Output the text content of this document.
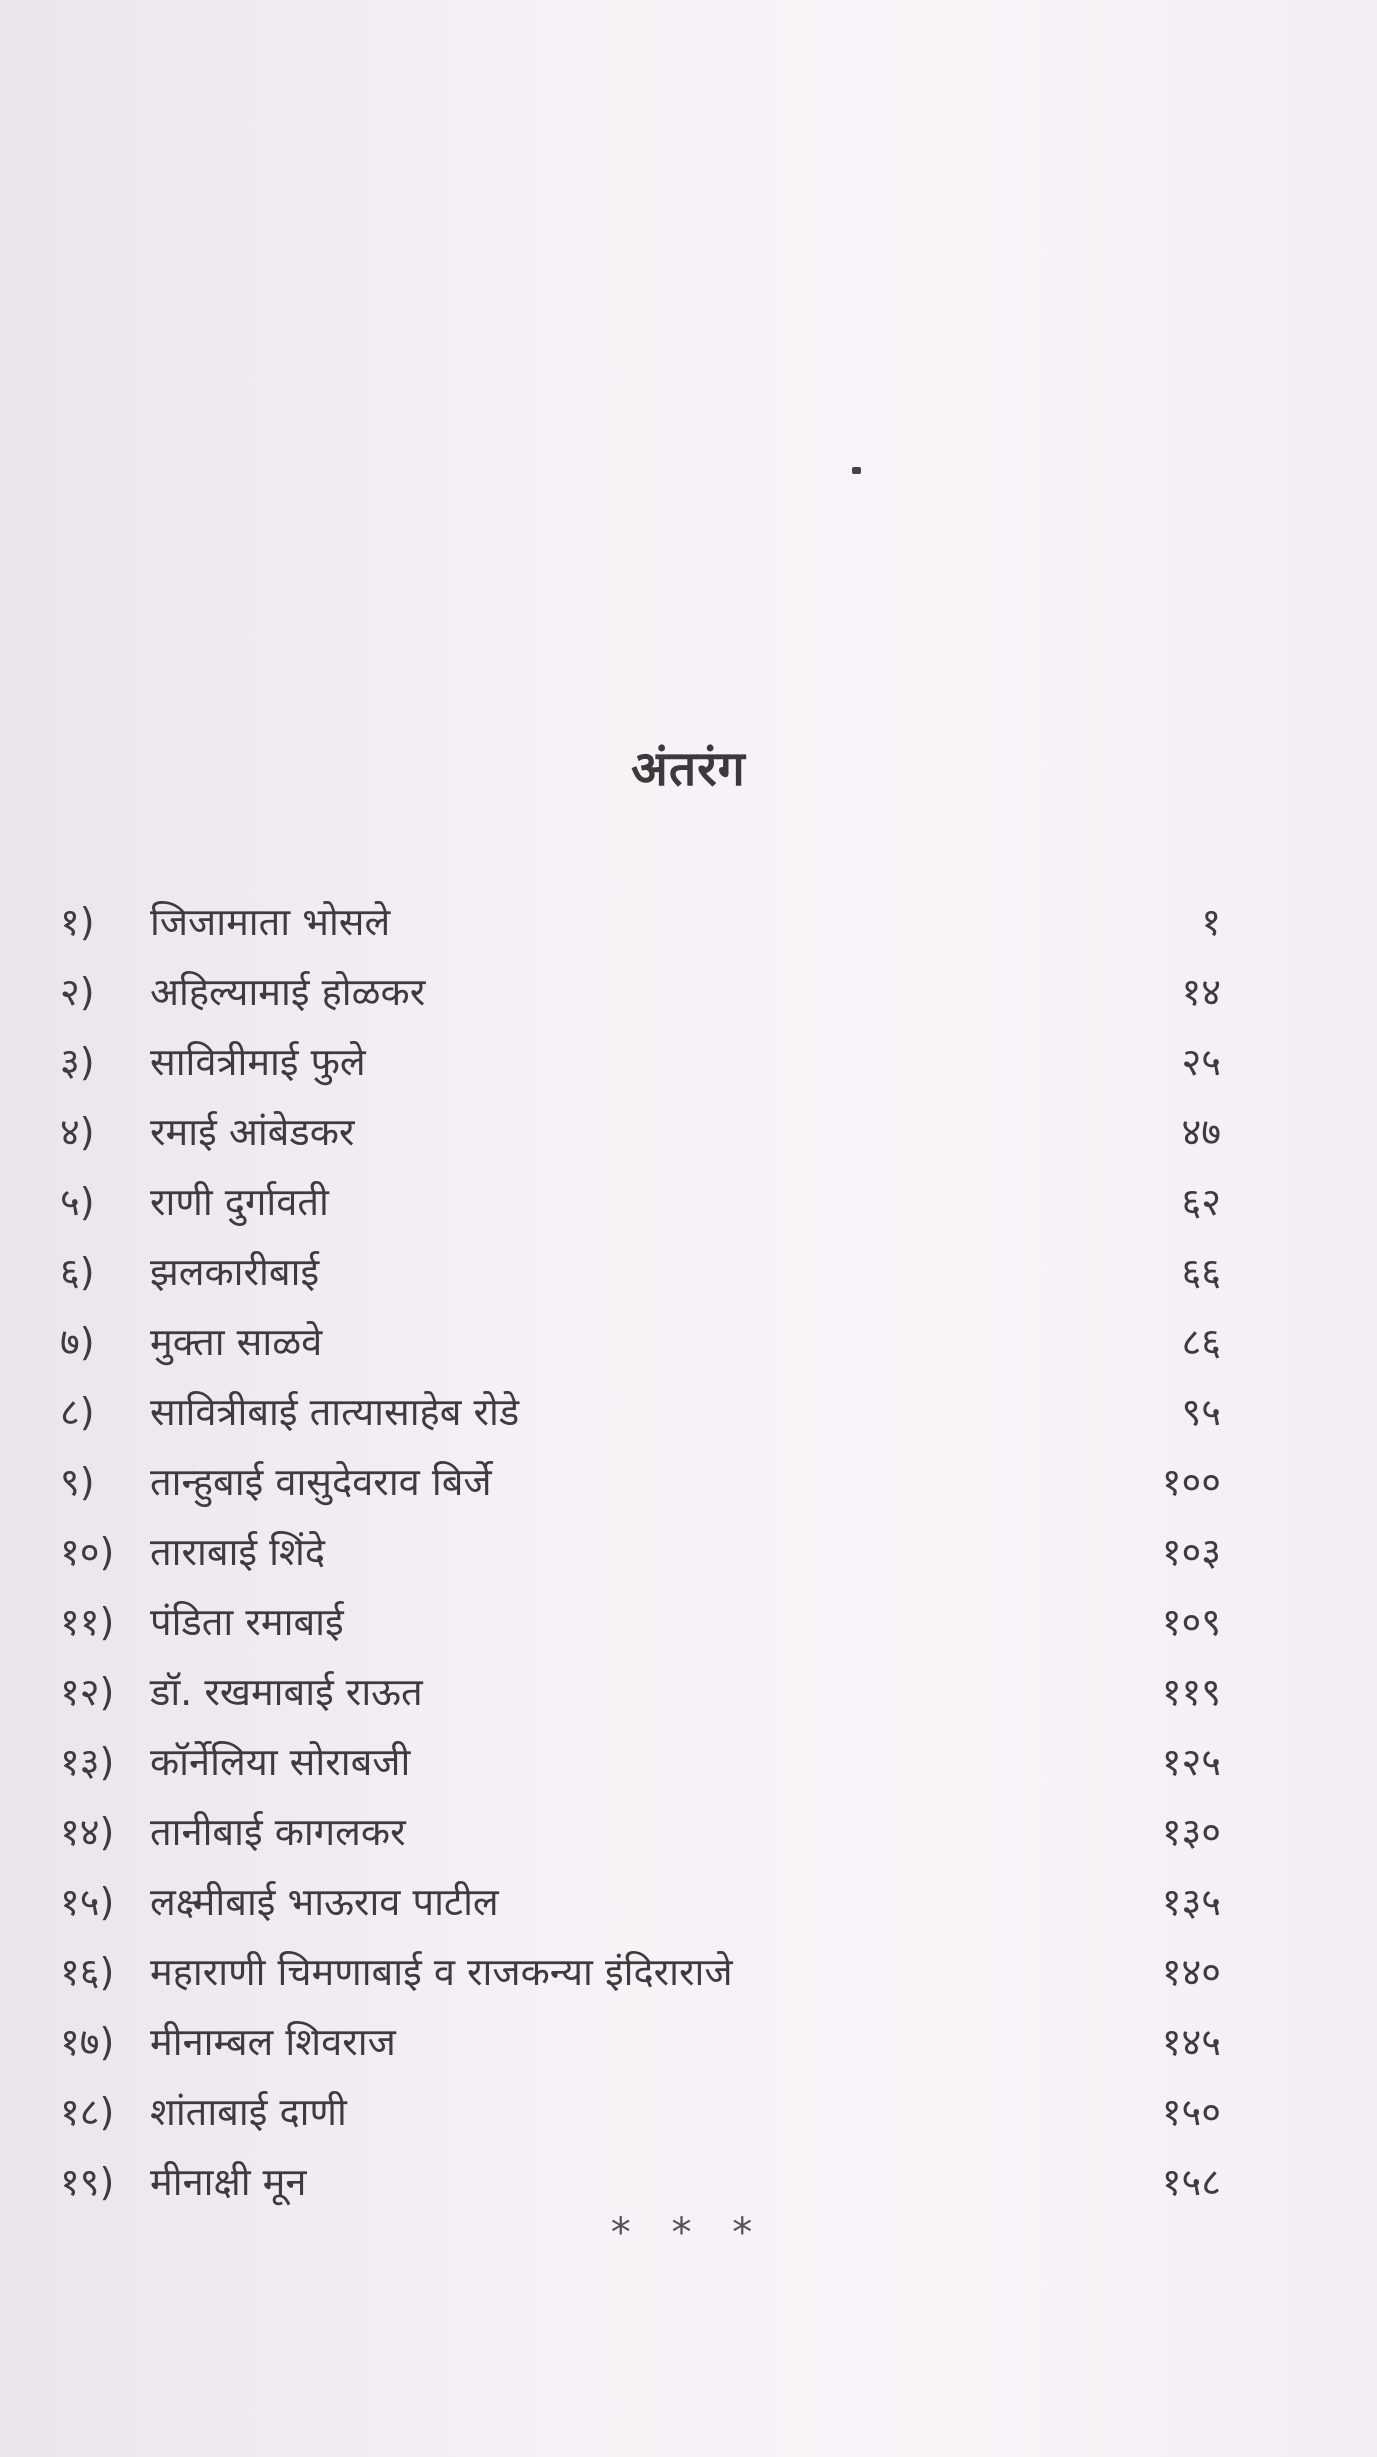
अंतरंग
१) जिजामाता भोसले	१
२) अहिल्यामाई होळकर	१४
३) सावित्रीमाई फुले	२५
४) रमाई आंबेडकर	४७
५) राणी दुर्गावती	६२
६) झलकारीबाई	६६
७) मुक्ता साळवे	८६
८) सावित्रीबाई तात्यासाहेब रोडे	९५
९) तान्हुबाई वासुदेवराव बिर्जे	१००
१०) ताराबाई शिंदे	१०३
११) पंडिता रमाबाई	१०९
१२) डॉ. रखमाबाई राऊत	११९
१३) कॉर्नेलिया सोराबजी	१२५
१४) तानीबाई कागलकर	१३०
१५) लक्ष्मीबाई भाऊराव पाटील	१३५
१६) महाराणी चिमणाबाई व राजकन्या इंदिराराजे	१४०
१७) मीनाम्बल शिवराज	१४५
१८) शांताबाई दाणी	१५०
१९) मीनाक्षी मून	१५८
* * *
